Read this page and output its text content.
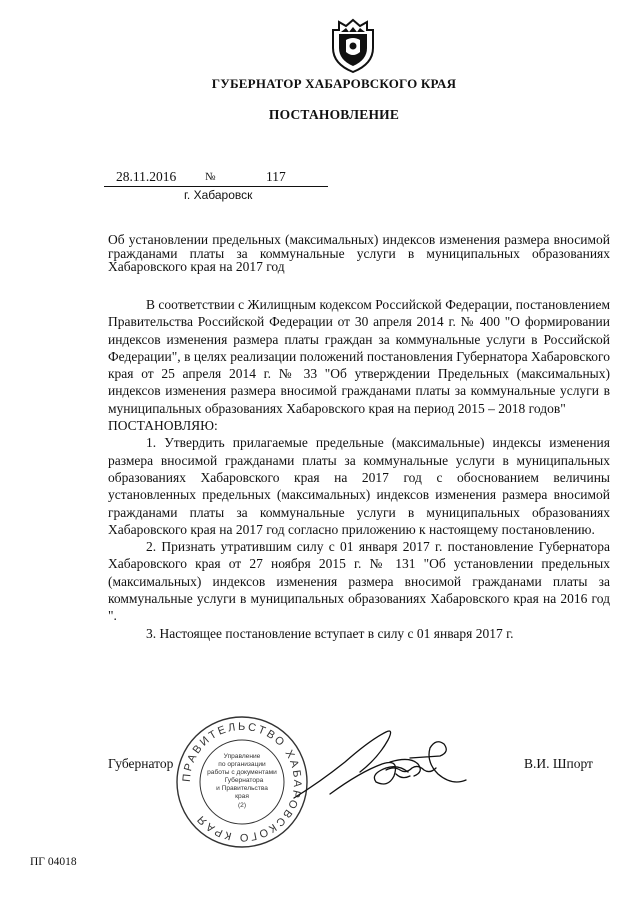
ГУБЕРНАТОР ХАБАРОВСКОГО КРАЯ
ПОСТАНОВЛЕНИЕ
28.11.2016	№	117
г. Хабаровск
Об установлении предельных (максимальных) индексов изменения размера вносимой гражданами платы за коммунальные услуги в муниципальных образованиях Хабаровского края на 2017 год

В соответствии с Жилищным кодексом Российской Федерации, постановлением Правительства Российской Федерации от 30 апреля 2014 г. № 400 "О формировании индексов изменения размера платы граждан за коммунальные услуги в Российской Федерации", в целях реализации положений постановления Губернатора Хабаровского края от 25 апреля 2014 г. № 33 "Об утверждении Предельных (максимальных) индексов изменения размера вносимой гражданами платы за коммунальные услуги в муниципальных образованиях Хабаровского края на период 2015 – 2018 годов"

ПОСТАНОВЛЯЮ:

1. Утвердить прилагаемые предельные (максимальные) индексы изменения размера вносимой гражданами платы за коммунальные услуги в муниципальных образованиях Хабаровского края на 2017 год с обоснованием величины установленных предельных (максимальных) индексов изменения размера вносимой гражданами платы за коммунальные услуги в муниципальных образованиях Хабаровского края на 2017 год согласно приложению к настоящему постановлению.

2. Признать утратившим силу с 01 января 2017 г. постановление Губернатора Хабаровского края от 27 ноября 2015 г. № 131 "Об установлении предельных (максимальных) индексов изменения размера вносимой гражданами платы за коммунальные услуги в муниципальных образованиях Хабаровского края на 2016 год ".

3. Настоящее постановление вступает в силу с 01 января 2017 г.

Губернатор	В.И. Шпорт
ПРАВИТЕЛЬСТВО ХАБАРОВСКОГО КРАЯ
Управление
по организации
работы с документами
Губернатора
и Правительства
края
(2)
ПГ 04018
